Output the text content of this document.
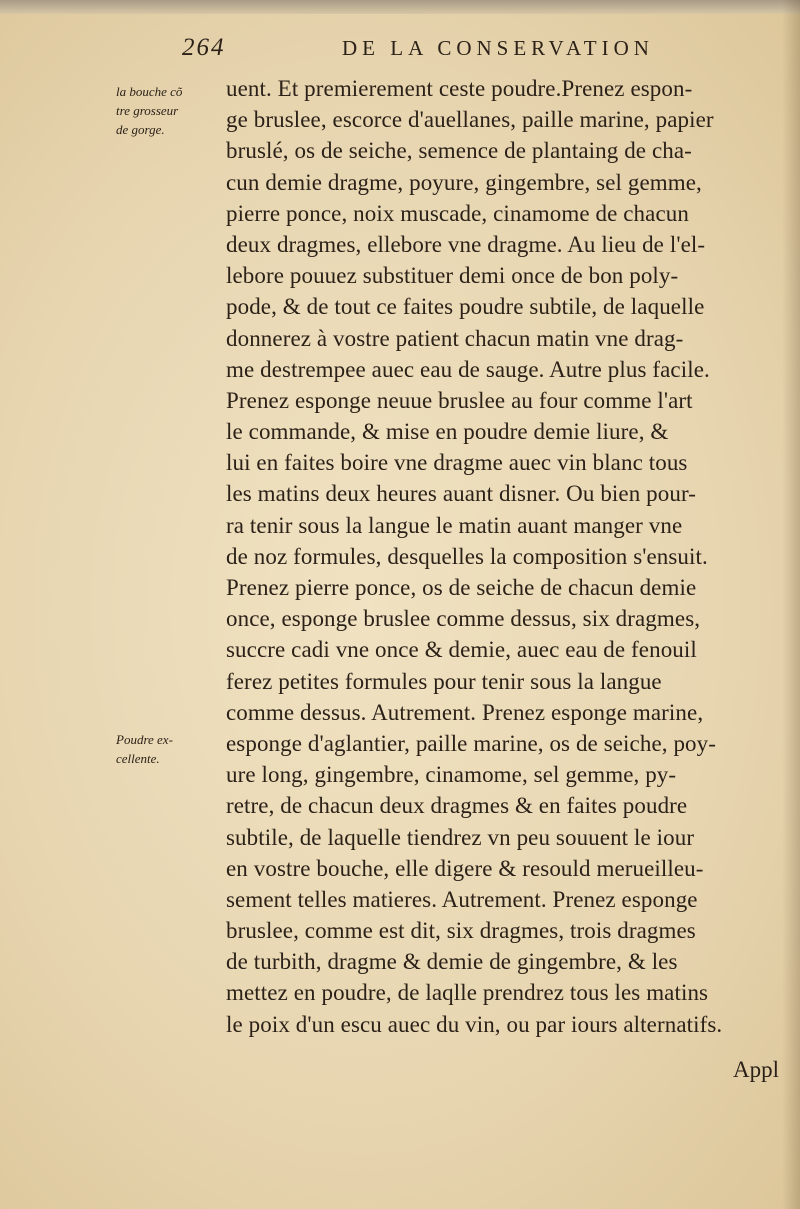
264	DE LA CONSERVATION
la bouche cõ
tre grosseur
de gorge.
Poudre ex-
cellente.
uent. Et premierement ceste poudre.Prenez espon-
ge bruslee, escorce d'auellanes, paille marine, papier
bruslé, os de seiche, semence de plantaing de cha-
cun demie dragme, poyure, gingembre, sel gemme,
pierre ponce, noix muscade, cinamome de chacun
deux dragmes, ellebore vne dragme. Au lieu de l'el-
lebore pouuez substituer demi once de bon poly-
pode, & de tout ce faites poudre subtile, de laquelle
donnerez à vostre patient chacun matin vne drag-
me destrempee auec eau de sauge. Autre plus facile.
Prenez esponge neuue bruslee au four comme l'art
le commande, & mise en poudre demie liure, &
lui en faites boire vne dragme auec vin blanc tous
les matins deux heures auant disner. Ou bien pour-
ra tenir sous la langue le matin auant manger vne
de noz formules, desquelles la composition s'ensuit.
Prenez pierre ponce, os de seiche de chacun demie
once, esponge bruslee comme dessus, six dragmes,
succre cadi vne once & demie, auec eau de fenouil
ferez petites formules pour tenir sous la langue
comme dessus. Autrement. Prenez esponge marine,
esponge d'aglantier, paille marine, os de seiche, poy-
ure long, gingembre, cinamome, sel gemme, py-
retre, de chacun deux dragmes & en faites poudre
subtile, de laquelle tiendrez vn peu souuent le iour
en vostre bouche, elle digere & resould merueilleu-
sement telles matieres. Autrement. Prenez esponge
bruslee, comme est dit, six dragmes, trois dragmes
de turbith, dragme & demie de gingembre, & les
mettez en poudre, de laqlle prendrez tous les matins
le poix d'un escu auec du vin, ou par iours alternatifs.
Appl
